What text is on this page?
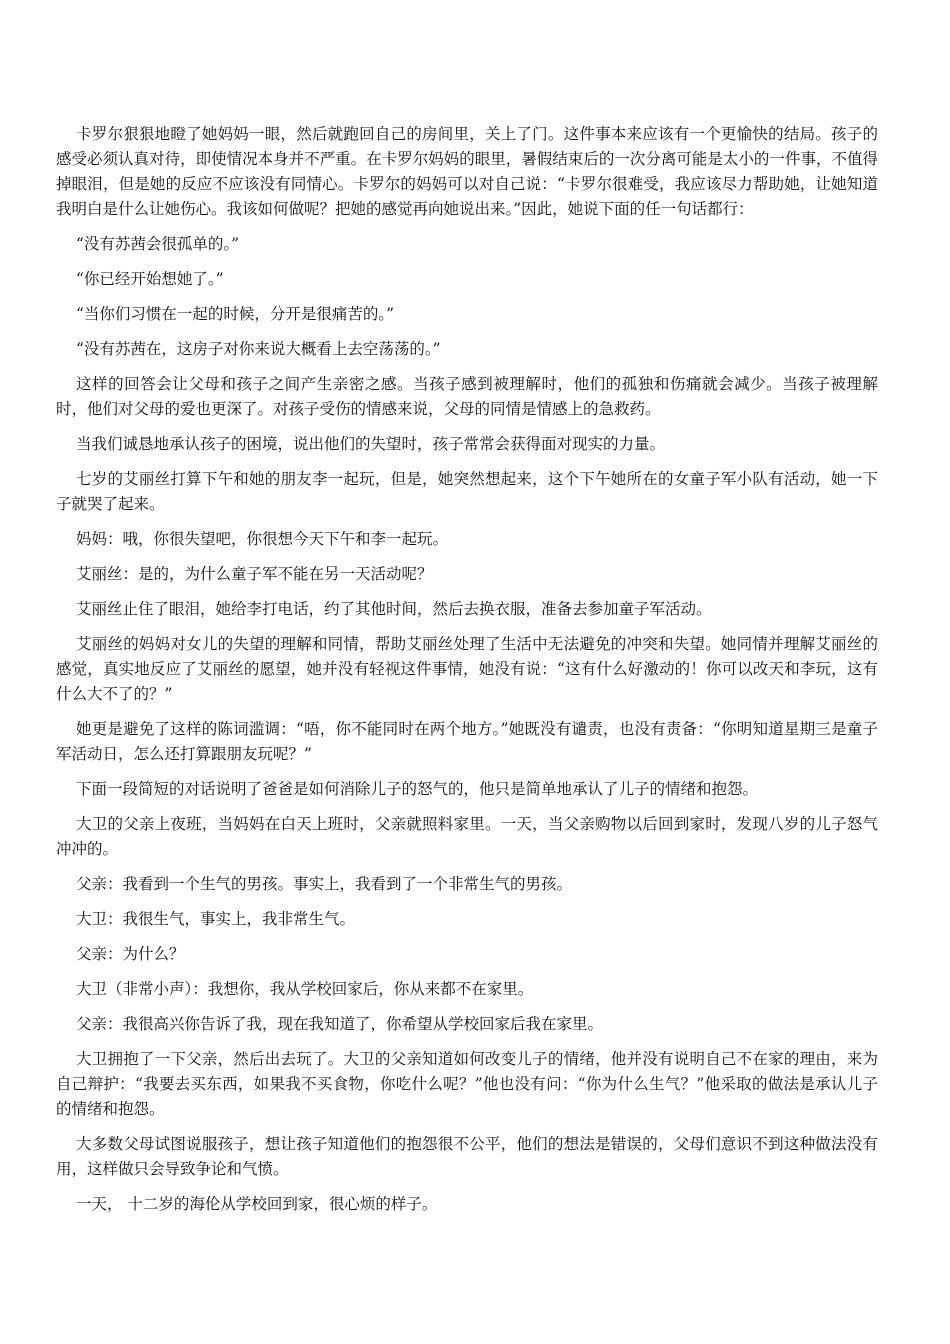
卡罗尔狠狠地瞪了她妈妈一眼，然后就跑回自己的房间里，关上了门。这件事本来应该有一个更愉快的结局。孩子的感受必须认真对待，即使情况本身并不严重。在卡罗尔妈妈的眼里，暑假结束后的一次分离可能是太小的一件事，不值得掉眼泪，但是她的反应不应该没有同情心。卡罗尔的妈妈可以对自己说：“卡罗尔很难受，我应该尽力帮助她，让她知道我明白是什么让她伤心。我该如何做呢？把她的感觉再向她说出来。”因此，她说下面的任一句话都行：

“没有苏茜会很孤单的。”

“你已经开始想她了。”

“当你们习惯在一起的时候，分开是很痛苦的。”

“没有苏茜在，这房子对你来说大概看上去空荡荡的。”

这样的回答会让父母和孩子之间产生亲密之感。当孩子感到被理解时，他们的孤独和伤痛就会减少。当孩子被理解时，他们对父母的爱也更深了。对孩子受伤的情感来说，父母的同情是情感上的急救药。

当我们诚恳地承认孩子的困境，说出他们的失望时，孩子常常会获得面对现实的力量。

七岁的艾丽丝打算下午和她的朋友李一起玩，但是，她突然想起来，这个下午她所在的女童子军小队有活动，她一下子就哭了起来。

妈妈：哦，你很失望吧，你很想今天下午和李一起玩。

艾丽丝：是的，为什么童子军不能在另一天活动呢？

艾丽丝止住了眼泪，她给李打电话，约了其他时间，然后去换衣服，准备去参加童子军活动。

艾丽丝的妈妈对女儿的失望的理解和同情，帮助艾丽丝处理了生活中无法避免的冲突和失望。她同情并理解艾丽丝的感觉，真实地反应了艾丽丝的愿望，她并没有轻视这件事情，她没有说：“这有什么好激动的！你可以改天和李玩，这有什么大不了的？”

她更是避免了这样的陈词滥调：“唔，你不能同时在两个地方。”她既没有谴责，也没有责备：“你明知道星期三是童子军活动日，怎么还打算跟朋友玩呢？”

下面一段简短的对话说明了爸爸是如何消除儿子的怒气的，他只是简单地承认了儿子的情绪和抱怨。

大卫的父亲上夜班，当妈妈在白天上班时，父亲就照料家里。一天，当父亲购物以后回到家时，发现八岁的儿子怒气冲冲的。

父亲：我看到一个生气的男孩。事实上，我看到了一个非常生气的男孩。

大卫：我很生气，事实上，我非常生气。

父亲：为什么？

大卫（非常小声）：我想你，我从学校回家后，你从来都不在家里。

父亲：我很高兴你告诉了我，现在我知道了，你希望从学校回家后我在家里。

大卫拥抱了一下父亲，然后出去玩了。大卫的父亲知道如何改变儿子的情绪，他并没有说明自己不在家的理由，来为自己辩护：“我要去买东西，如果我不买食物，你吃什么呢？”他也没有问：“你为什么生气？”他采取的做法是承认儿子的情绪和抱怨。

大多数父母试图说服孩子，想让孩子知道他们的抱怨很不公平，他们的想法是错误的，父母们意识不到这种做法没有用，这样做只会导致争论和气愤。

一天， 十二岁的海伦从学校回到家，很心烦的样子。
